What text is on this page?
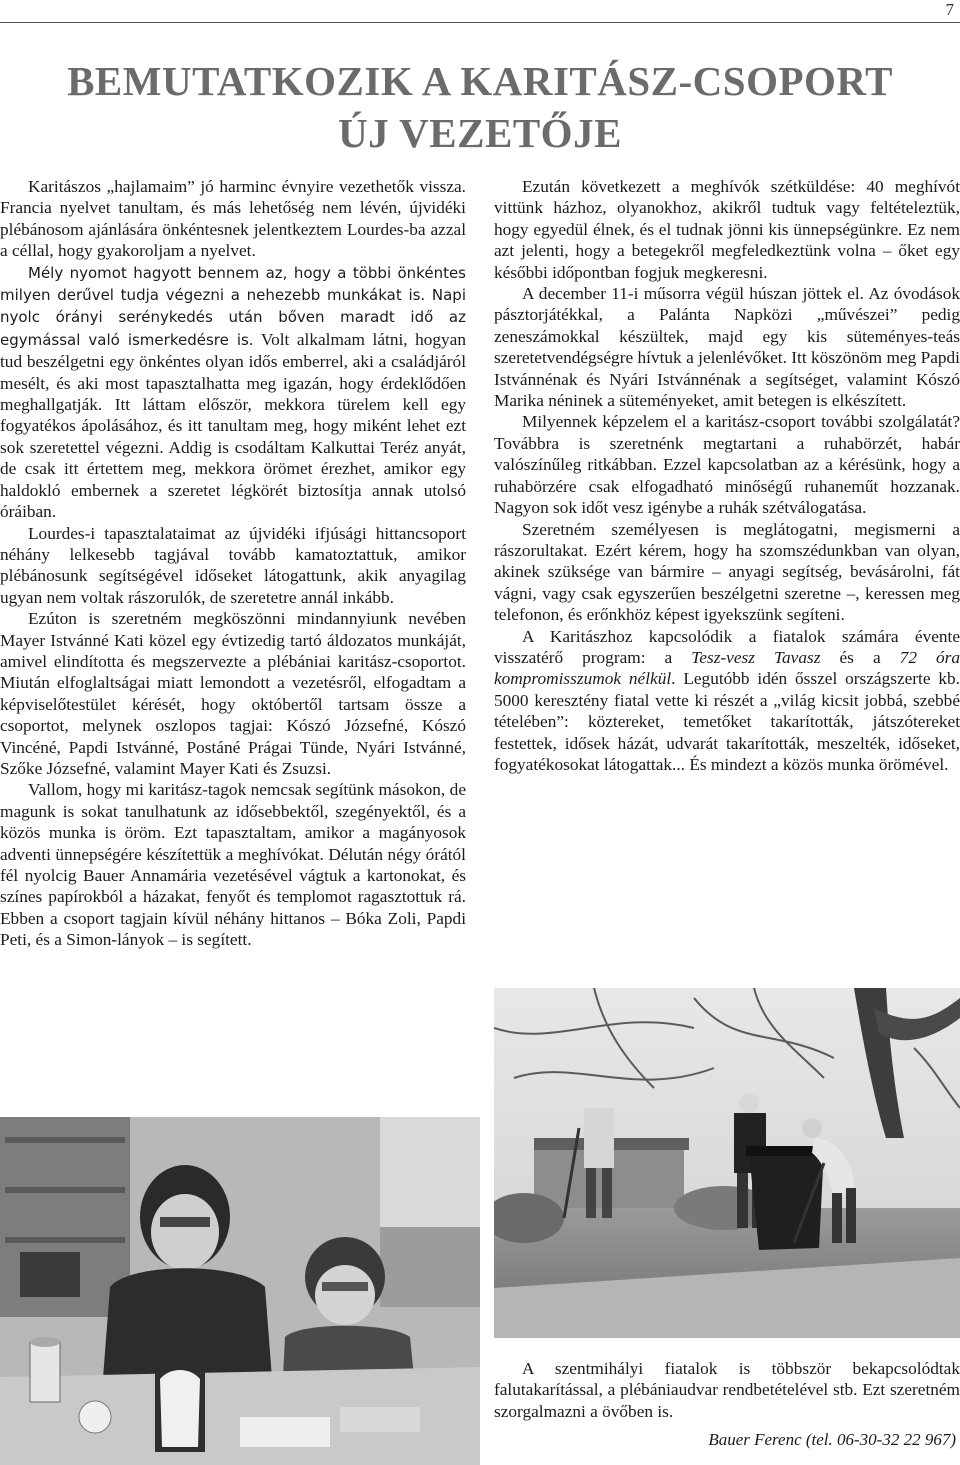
7
BEMUTATKOZIK A KARITÁSZ-CSOPORT
ÚJ VEZETŐJE

Karitászos „hajlamaim” jó harminc évnyire vezethetők vissza. Francia nyelvet tanultam, és más lehetőség nem lévén, újvidéki plébánosom ajánlására önkéntesnek jelentkeztem Lourdes-ba azzal a céllal, hogy gyakoroljam a nyelvet.

Mély nyomot hagyott bennem az, hogy a többi önkéntes milyen derűvel tudja végezni a nehezebb munkákat is. Napi nyolc órányi serénykedés után bőven maradt idő az egymással való ismerkedésre is. Volt alkalmam látni, hogyan tud beszélgetni egy önkéntes olyan idős emberrel, aki a családjáról mesélt, és aki most tapasztalhatta meg igazán, hogy érdeklődően meghallgatják. Itt láttam először, mekkora türelem kell egy fogyatékos ápolásához, és itt tanultam meg, hogy miként lehet ezt sok szeretettel végezni. Addig is csodáltam Kalkuttai Teréz anyát, de csak itt értettem meg, mekkora örömet érezhet, amikor egy haldokló embernek a szeretet légkörét biztosítja annak utolsó óráiban.

Lourdes-i tapasztalataimat az újvidéki ifjúsági hittancsoport néhány lelkesebb tagjával tovább kamatoztattuk, amikor plébánosunk segítségével időseket látogattunk, akik anyagilag ugyan nem voltak rászorulók, de szeretetre annál inkább.

Ezúton is szeretném megköszönni mindannyiunk nevében Mayer Istvánné Kati közel egy évtizedig tartó áldozatos munkáját, amivel elindította és megszervezte a plébániai karitász-csoportot. Miután elfoglaltságai miatt lemondott a vezetésről, elfogadtam a képviselőtestület kérését, hogy októbertől tartsam össze a csoportot, melynek oszlopos tagjai: Kószó Józsefné, Kószó Vincéné, Papdi Istvánné, Postáné Prágai Tünde, Nyári Istvánné, Szőke Józsefné, valamint Mayer Kati és Zsuzsi.

Vallom, hogy mi karitász-tagok nemcsak segítünk másokon, de magunk is sokat tanulhatunk az idősebbektől, szegényektől, és a közös munka is öröm. Ezt tapasztaltam, amikor a magányosok adventi ünnepségére készítettük a meghívókat. Délután négy órától fél nyolcig Bauer Annamária vezetésével vágtuk a kartonokat, és színes papírokból a házakat, fenyőt és templomot ragasztottuk rá. Ebben a csoport tagjain kívül néhány hittanos – Bóka Zoli, Papdi Peti, és a Simon-lányok – is segített.

Ezután következett a meghívók szétküldése: 40 meghívót vittünk házhoz, olyanokhoz, akikről tudtuk vagy feltételeztük, hogy egyedül élnek, és el tudnak jönni kis ünnepségünkre. Ez nem azt jelenti, hogy a betegekről megfeledkeztünk volna – őket egy későbbi időpontban fogjuk megkeresni.

A december 11-i műsorra végül húszan jöttek el. Az óvodások pásztorjátékkal, a Palánta Napközi „művészei” pedig zeneszámokkal készültek, majd egy kis süteményes-teás szeretetvendégségre hívtuk a jelenlévőket. Itt köszönöm meg Papdi Istvánnénak és Nyári Istvánnénak a segítséget, valamint Kószó Marika néninek a süteményeket, amit betegen is elkészített.

Milyennek képzelem el a karitász-csoport további szolgálatát? Továbbra is szeretnénk megtartani a ruhabörzét, habár valószínűleg ritkábban. Ezzel kapcsolatban az a kérésünk, hogy a ruhabörzére csak elfogadható minőségű ruhaneműt hozzanak. Nagyon sok időt vesz igénybe a ruhák szétválogatása.

Szeretném személyesen is meglátogatni, megismerni a rászorultakat. Ezért kérem, hogy ha szomszédunkban van olyan, akinek szüksége van bármire – anyagi segítség, bevásárolni, fát vágni, vagy csak egyszerűen beszélgetni szeretne –, keressen meg telefonon, és erőnkhöz képest igyekszünk segíteni.

A Karitászhoz kapcsolódik a fiatalok számára évente visszatérő program: a Tesz-vesz Tavasz és a 72 óra kompromisszumok nélkül. Legutóbb idén ősszel országszerte kb. 5000 keresztény fiatal vette ki részét a „világ kicsit jobbá, szebbé tételében”: köztereket, temetőket takarították, játszótereket festettek, idősek házát, udvarát takarították, meszelték, időseket, fogyatékosokat látogattak... És mindezt a közös munka örömével.

A szentmihályi fiatalok is többször bekapcsolódtak falutakarítással, a plébániaudvar rendbetételével stb. Ezt szeretném szorgalmazni a övőben is.

Bauer Ferenc (tel. 06-30-32 22 967)
